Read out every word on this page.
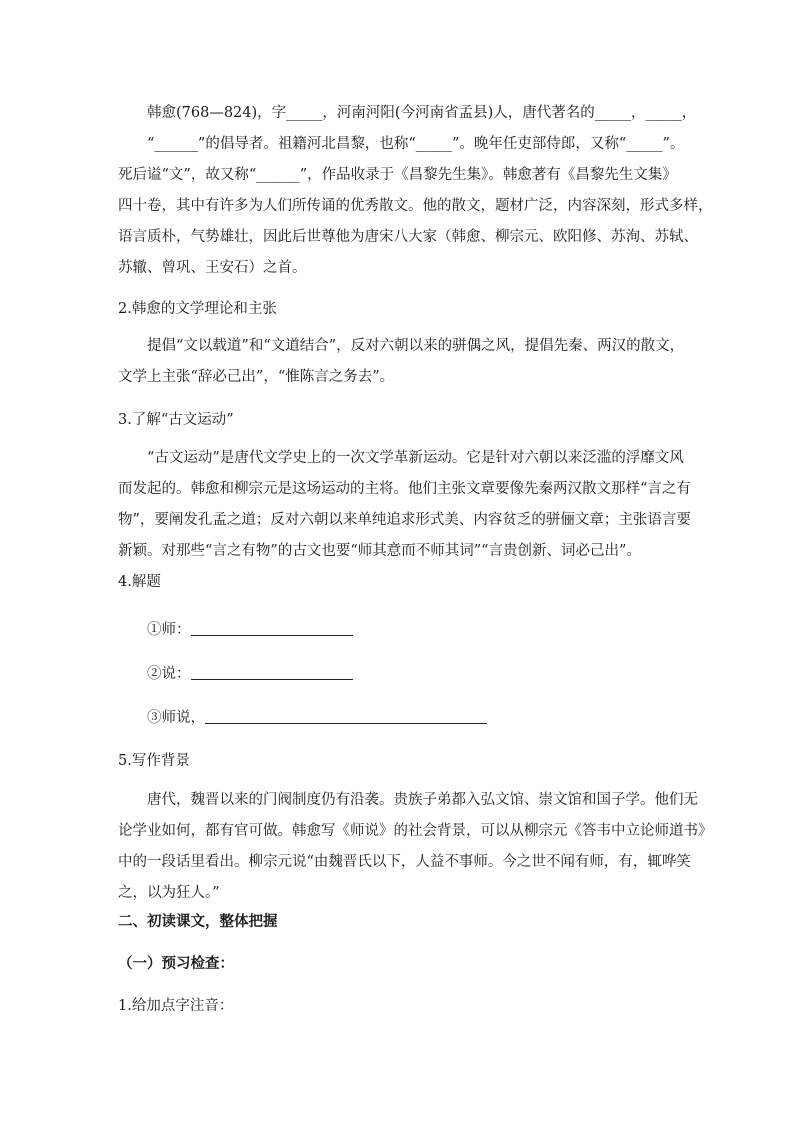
韩愈(768—824)，字_____，河南河阳(今河南省孟县)人，唐代著名的_____，_____，
“______”的倡导者。祖籍河北昌黎，也称“_____”。晚年任吏部侍郎，又称“_____”。
死后谥“文”，故又称“______”，作品收录于《昌黎先生集》。韩愈著有《昌黎先生文集》
四十卷，其中有许多为人们所传诵的优秀散文。他的散文，题材广泛，内容深刻，形式多样，
语言质朴，气势雄壮，因此后世尊他为唐宋八大家（韩愈、柳宗元、欧阳修、苏洵、苏轼、
苏辙、曾巩、王安石）之首。
2.韩愈的文学理论和主张
提倡“文以载道”和“文道结合”，反对六朝以来的骈偶之风，提倡先秦、两汉的散文，
文学上主张“辞必己出”，“惟陈言之务去”。
3.了解“古文运动”
“古文运动”是唐代文学史上的一次文学革新运动。它是针对六朝以来泛滥的浮靡文风
而发起的。韩愈和柳宗元是这场运动的主将。他们主张文章要像先秦两汉散文那样“言之有
物”，要阐发孔孟之道；反对六朝以来单纯追求形式美、内容贫乏的骈俪文章；主张语言要
新颖。对那些“言之有物”的古文也要“师其意而不师其词”“言贵创新、词必己出”。
4.解题
①师：
②说：
③师说，
5.写作背景
唐代，魏晋以来的门阀制度仍有沿袭。贵族子弟都入弘文馆、崇文馆和国子学。他们无
论学业如何，都有官可做。韩愈写《师说》的社会背景，可以从柳宗元《答韦中立论师道书》
中的一段话里看出。柳宗元说“由魏晋氏以下，人益不事师。今之世不闻有师，有，辄哗笑
之，以为狂人。”
二、初读课文，整体把握
（一）预习检查：
1.给加点字注音：
